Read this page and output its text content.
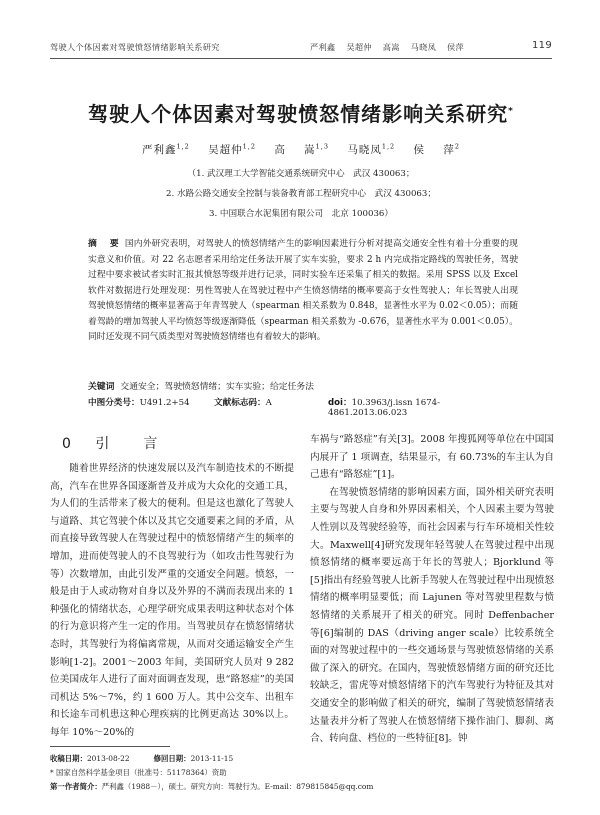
驾驶人个体因素对驾驶愤怒情绪影响关系研究	严利鑫 吴超仲 高嵩 马晓凤 侯萍	119
驾驶人个体因素对驾驶愤怒情绪影响关系研究*
严利鑫$^{1,2}$ 吴超仲$^{1,2}$ 高 嵩$^{1,3}$ 马晓凤$^{1,2}$ 侯 萍$^2$
（1. 武汉理工大学智能交通系统研究中心　武汉 430063；
2. 水路公路交通安全控制与装备教育部工程研究中心　武汉 430063；
3. 中国联合水泥集团有限公司　北京 100036）
摘　要 国内外研究表明，对驾驶人的愤怒情绪产生的影响因素进行分析对提高交通安全性有着十分重要的现实意义和价值。对 22 名志愿者采用给定任务法开展了实车实验，要求 2 h 内完成指定路线的驾驶任务，驾驶过程中要求被试者实时汇报其愤怒等级并进行记录，同时实验车还采集了相关的数据。采用 SPSS 以及 Excel 软件对数据进行处理发现：男性驾驶人在驾驶过程中产生愤怒情绪的概率要高于女性驾驶人；年长驾驶人出现驾驶愤怒情绪的概率显著高于年青驾驶人（spearman 相关系数为 0.848，显著性水平为 0.02＜0.05）；而随着驾龄的增加驾驶人平均愤怒等级逐渐降低（spearman 相关系数为 -0.676，显著性水平为 0.001＜0.05）。同时还发现不同气质类型对驾驶愤怒情绪也有着较大的影响。
关键词 交通安全；驾驶愤怒情绪；实车实验；给定任务法
中图分类号：U491.2+54	文献标志码：A	doi：10.3963/j.issn 1674-4861.2013.06.023
0 引　言

随着世界经济的快速发展以及汽车制造技术的不断提高，汽车在世界各国逐渐普及并成为大众化的交通工具，为人们的生活带来了极大的便利。但是这也激化了驾驶人与道路、其它驾驶个体以及其它交通要素之间的矛盾，从而直接导致驾驶人在驾驶过程中的愤怒情绪产生的频率的增加，进而使驾驶人的不良驾驶行为（如攻击性驾驶行为等）次数增加，由此引发严重的交通安全问题。愤怒，一般是由于人或动物对自身以及外界的不满而表现出来的 1 种强化的情绪状态，心理学研究成果表明这种状态对个体的行为意识将产生一定的作用。当驾驶员存在愤怒情绪状态时，其驾驶行为将偏离常规，从而对交通运输安全产生影响[1-2]。2001～2003 年间，美国研究人员对 9 282位美国成年人进行了面对面调查发现，患“路怒症”的美国司机达 5%～7%，约 1 600 万人。其中公交车、出租车和长途车司机患这种心理疾病的比例更高达 30%以上。每年 10%～20%的

车祸与“路怒症”有关[3]。2008 年搜狐网等单位在中国国内展开了 1 项调查，结果显示，有 60.73%的车主认为自己患有“路怒症”[1]。

在驾驶愤怒情绪的影响因素方面，国外相关研究表明主要与驾驶人自身和外界因素相关，个人因素主要为驾驶人性别以及驾驶经验等，而社会因素与行车环境相关性较大。Maxwell[4]研究发现年轻驾驶人在驾驶过程中出现愤怒情绪的概率要远高于年长的驾驶人；Bjorklund 等[5]指出有经验驾驶人比新手驾驶人在驾驶过程中出现愤怒情绪的概率明显要低；而 Lajunen 等对驾驶里程数与愤怒情绪的关系展开了相关的研究。同时 Deffenbacher 等[6]编制的 DAS（driving anger scale）比较系统全面的对驾驶过程中的一些交通场景与驾驶愤怒情绪的关系做了深入的研究。在国内，驾驶愤怒情绪方面的研究还比较缺乏，雷虎等对愤怒情绪下的汽车驾驶行为特征及其对交通安全的影响做了相关的研究，编制了驾驶愤怒情绪表达量表并分析了驾驶人在愤怒情绪下操作油门、脚刹、离合、转向盘、档位的一些特征[8]。钟

收稿日期：2013-08-22	修回日期：2013-11-15
* 国家自然科学基金项目（批准号：51178364）资助
第一作者简介：严利鑫（1988－），硕士。研究方向：驾驶行为。E-mail：879815845@qq.com
